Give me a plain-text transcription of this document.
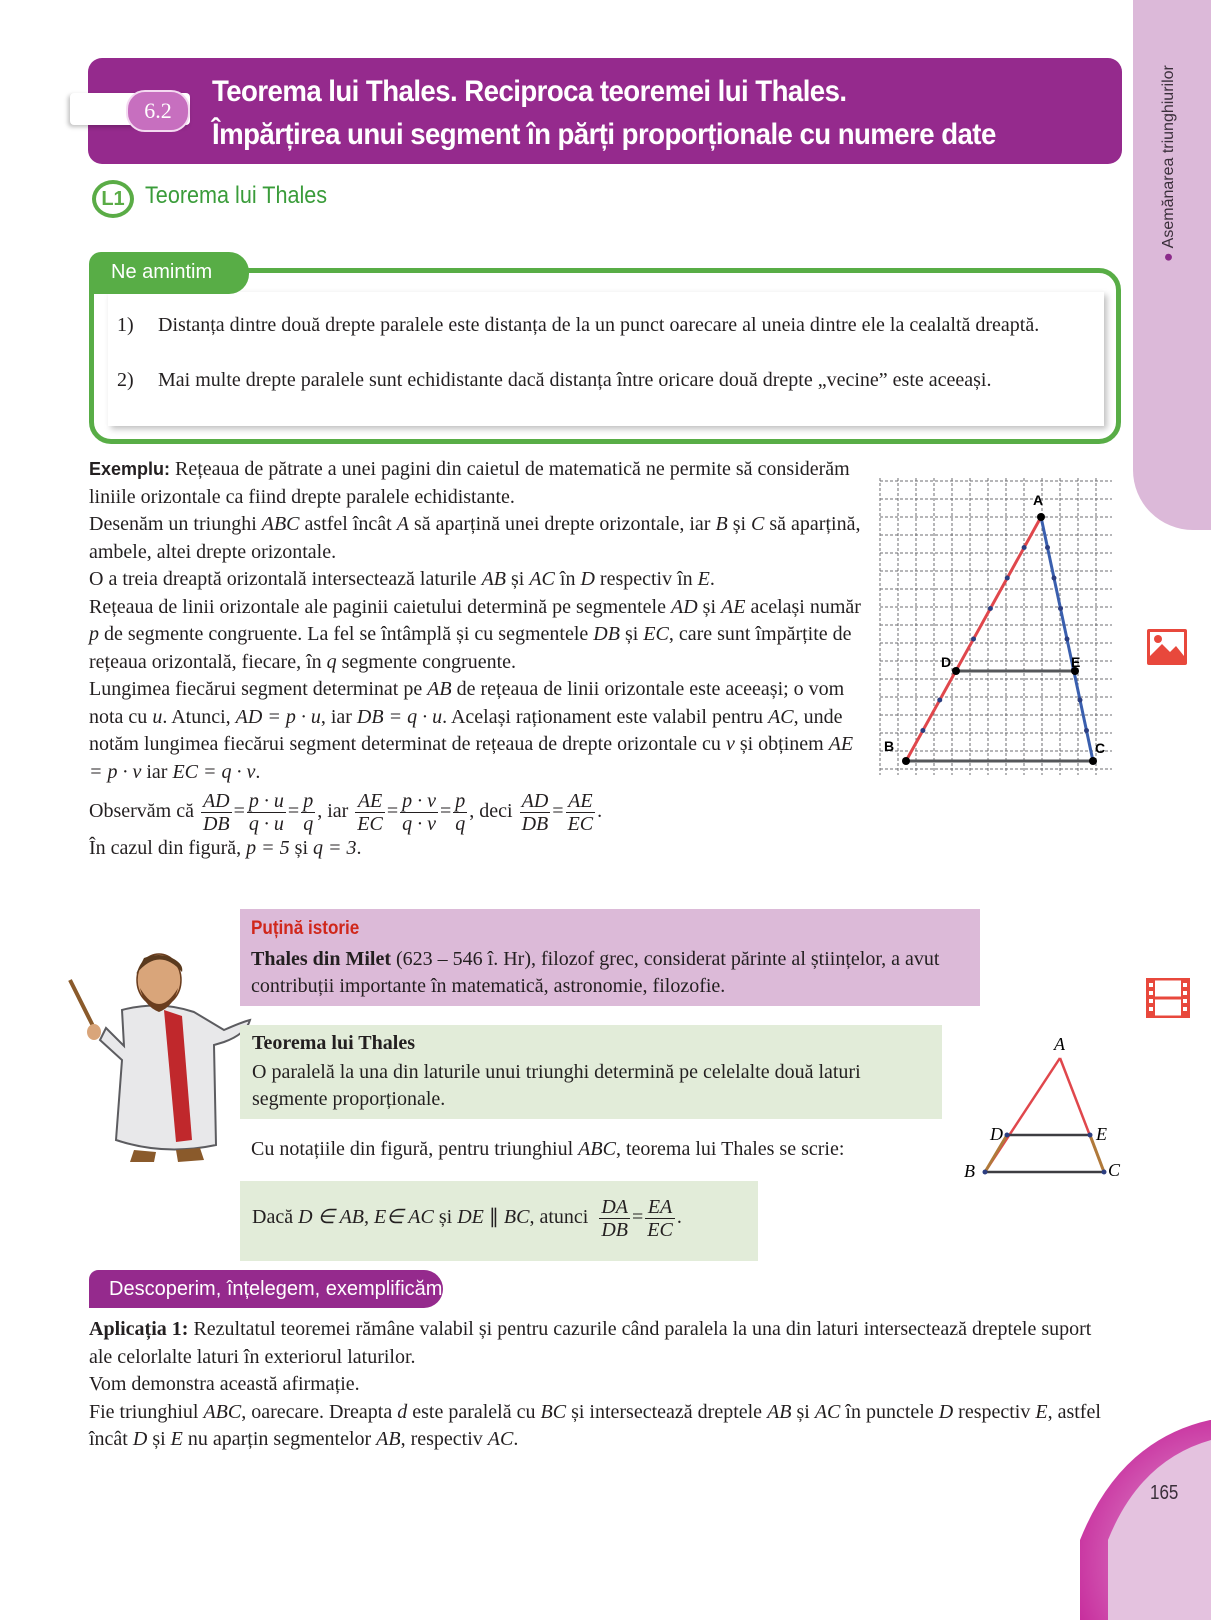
●Asemănarea triunghiurilor
6.2
Teorema lui Thales. Reciproca teoremei lui Thales.
Împărțirea unui segment în părți proporționale cu numere date
L1 Teorema lui Thales
Ne amintim
1) Distanța dintre două drepte paralele este distanța de la un punct oarecare al uneia dintre ele la cealaltă dreaptă.
2) Mai multe drepte paralele sunt echidistante dacă distanța între oricare două drepte „vecine” este aceeași.
Exemplu: Rețeaua de pătrate a unei pagini din caietul de matematică ne permite să considerăm liniile orizontale ca fiind drepte paralele echidistante.
Desenăm un triunghi ABC astfel încât A să aparțină unei drepte orizontale, iar B și C să aparțină, ambele, altei drepte orizontale.
O a treia dreaptă orizontală intersectează laturile AB și AC în D respectiv în E.
Rețeaua de linii orizontale ale paginii caietului determină pe segmentele AD și AE același număr p de segmente congruente. La fel se întâmplă și cu segmentele DB și EC, care sunt împărțite de rețeaua orizontală, fiecare, în q segmente congruente.
Lungimea fiecărui segment determinat pe AB de rețeaua de linii orizontale este aceeași; o vom nota cu u. Atunci, AD = p · u, iar DB = q · u. Același raționament este valabil pentru AC, unde notăm lungimea fiecărui segment determinat de rețeaua de drepte orizontale cu v și obținem AE = p · v iar EC = q · v.
Observăm că $\frac{AD}{DB} = \frac{p \cdot u}{q \cdot u} = \frac{p}{q}$ , iar $\frac{AE}{EC} = \frac{p \cdot v}{q \cdot v} = \frac{p}{q}$ , deci $\frac{AD}{DB} = \frac{AE}{EC}$ .
În cazul din figură, p = 5 și q = 3.
A
B	C
D	E
Puțină istorie
Thales din Milet (623 – 546 î. Hr), filozof grec, considerat părinte al științelor, a avut contribuții importante în matematică, astronomie, filozofie.
Teorema lui Thales
O paralelă la una din laturile unui triunghi determină pe celelalte două laturi segmente proporționale.
Cu notațiile din figură, pentru triunghiul ABC, teorema lui Thales se scrie:
Dacă D ∈ AB, E∈ AC și DE ∥ BC, atunci $\frac{DA}{DB} = \frac{EA}{EC}$ .
A
D	E
B	C
Descoperim, înțelegem, exemplificăm
Aplicația 1: Rezultatul teoremei rămâne valabil și pentru cazurile când paralela la una din laturi intersectează dreptele suport ale celorlalte laturi în exteriorul laturilor.
Vom demonstra această afirmație.
Fie triunghiul ABC, oarecare. Dreapta d este paralelă cu BC și intersectează dreptele AB și AC în punctele D respectiv E, astfel încât D și E nu aparțin segmentelor AB, respectiv AC.
165
